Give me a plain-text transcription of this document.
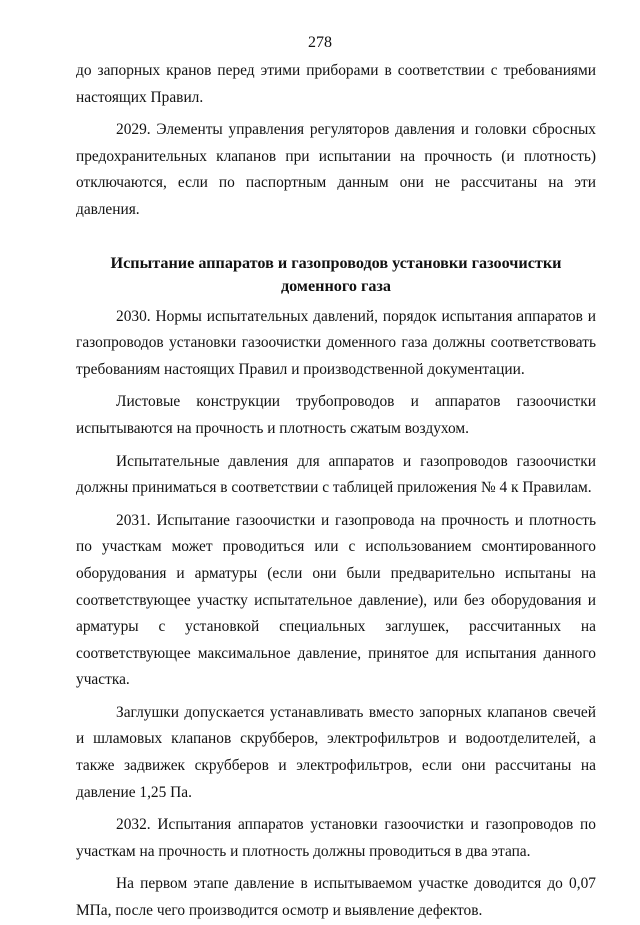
278

до запорных кранов перед этими приборами в соответствии с требованиями настоящих Правил.

2029. Элементы управления регуляторов давления и головки сбросных предохранительных клапанов при испытании на прочность (и плотность) отключаются, если по паспортным данным они не рассчитаны на эти давления.

Испытание аппаратов и газопроводов установки газоочистки
доменного газа

2030. Нормы испытательных давлений, порядок испытания аппаратов и газопроводов установки газоочистки доменного газа должны соответствовать требованиям настоящих Правил и производственной документации.

Листовые конструкции трубопроводов и аппаратов газоочистки испытываются на прочность и плотность сжатым воздухом.

Испытательные давления для аппаратов и газопроводов газоочистки должны приниматься в соответствии с таблицей приложения № 4 к Правилам.

2031. Испытание газоочистки и газопровода на прочность и плотность по участкам может проводиться или с использованием смонтированного оборудования и арматуры (если они были предварительно испытаны на соответствующее участку испытательное давление), или без оборудования и арматуры с установкой специальных заглушек, рассчитанных на соответствующее максимальное давление, принятое для испытания данного участка.

Заглушки допускается устанавливать вместо запорных клапанов свечей и шламовых клапанов скрубберов, электрофильтров и водоотделителей, а также задвижек скрубберов и электрофильтров, если они рассчитаны на давление 1,25 Па.

2032. Испытания аппаратов установки газоочистки и газопроводов по участкам на прочность и плотность должны проводиться в два этапа.

На первом этапе давление в испытываемом участке доводится до 0,07 МПа, после чего производится осмотр и выявление дефектов.
